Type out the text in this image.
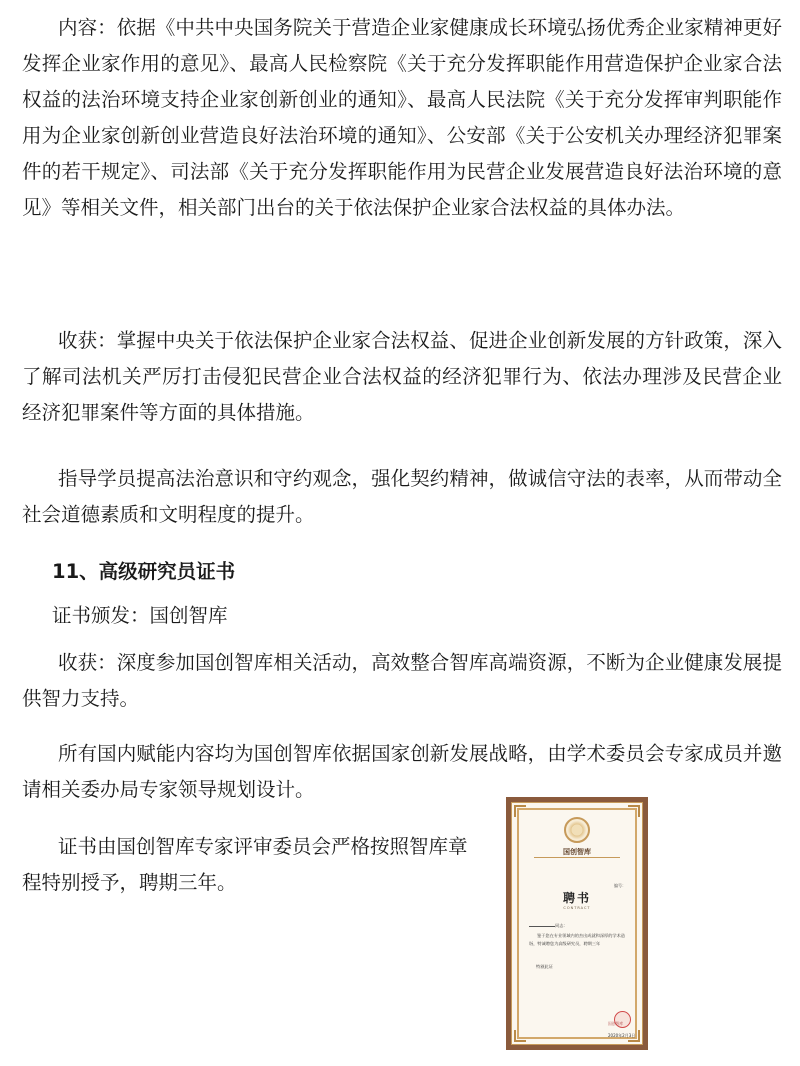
内容：依据《中共中央国务院关于营造企业家健康成长环境弘扬优秀企业家精神更好发挥企业家作用的意见》、最高人民检察院《关于充分发挥职能作用营造保护企业家合法权益的法治环境支持企业家创新创业的通知》、最高人民法院《关于充分发挥审判职能作用为企业家创新创业营造良好法治环境的通知》、公安部《关于公安机关办理经济犯罪案件的若干规定》、司法部《关于充分发挥职能作用为民营企业发展营造良好法治环境的意见》等相关文件，相关部门出台的关于依法保护企业家合法权益的具体办法。

收获：掌握中央关于依法保护企业家合法权益、促进企业创新发展的方针政策，深入了解司法机关严厉打击侵犯民营企业合法权益的经济犯罪行为、依法办理涉及民营企业经济犯罪案件等方面的具体措施。

指导学员提高法治意识和守约观念，强化契约精神，做诚信守法的表率，从而带动全社会道德素质和文明程度的提升。

11、高级研究员证书
证书颁发：国创智库

收获：深度参加国创智库相关活动，高效整合智库高端资源，不断为企业健康发展提供智力支持。

所有国内赋能内容均为国创智库依据国家创新发展战略，由学术委员会专家成员并邀请相关委办局专家领导规划设计。

证书由国创智库专家评审委员会严格按照智库章程特别授予，聘期三年。

国创智库
编号：
聘书
CONTRACT
同志：
鉴于您在专业领域内的杰出成就和深厚的学术造诣，特诚聘您为高级研究员，聘期三年
特颁此证
国创智库
2020年2月3日
